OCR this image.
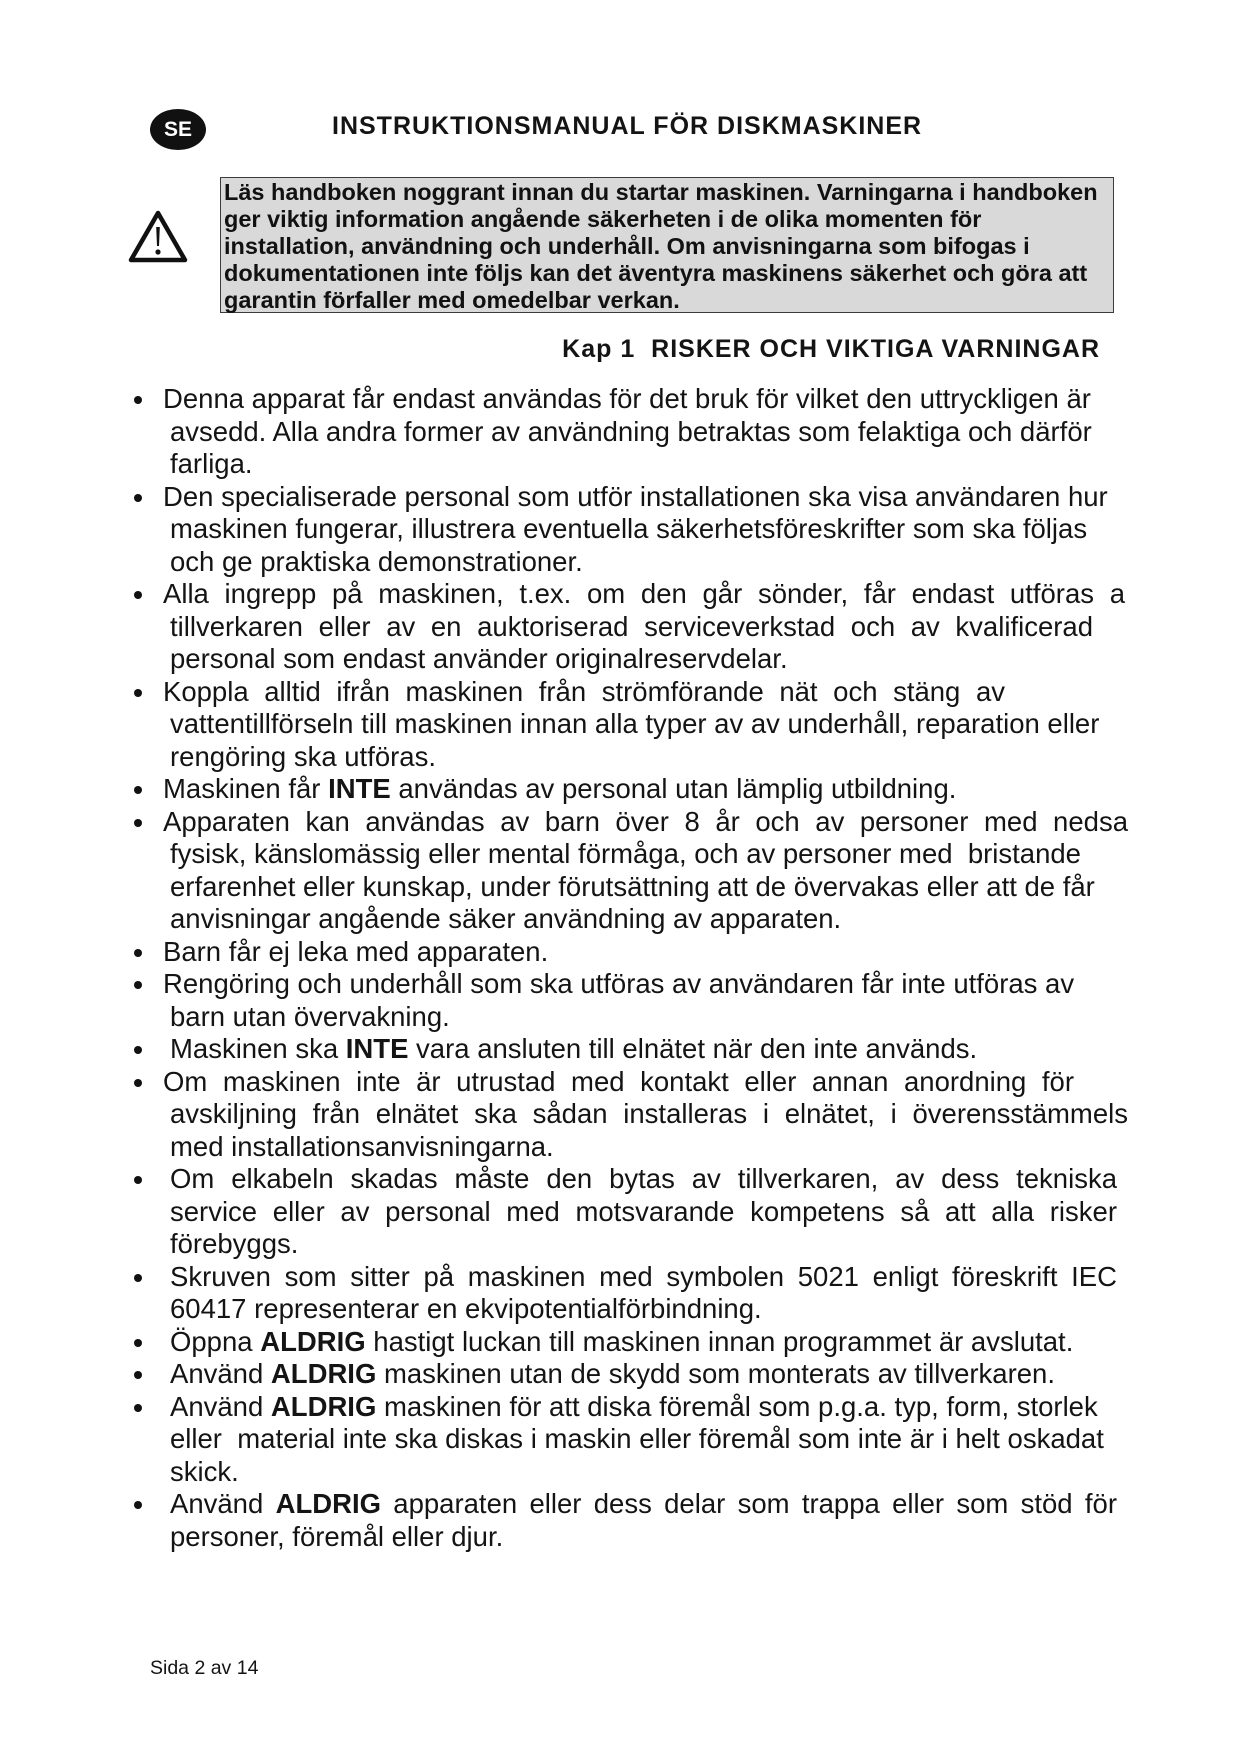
SE	INSTRUKTIONSMANUAL FÖR DISKMASKINER
Läs handboken noggrant innan du startar maskinen. Varningarna i handboken
ger viktig information angående säkerheten i de olika momenten för
installation, användning och underhåll. Om anvisningarna som bifogas i
dokumentationen inte följs kan det äventyra maskinens säkerhet och göra att
garantin förfaller med omedelbar verkan.
Kap 1  RISKER OCH VIKTIGA VARNINGAR
Denna apparat får endast användas för det bruk för vilket den uttryckligen är
avsedd. Alla andra former av användning betraktas som felaktiga och därför
farliga.
Den specialiserade personal som utför installationen ska visa användaren hur
maskinen fungerar, illustrera eventuella säkerhetsföreskrifter som ska följas
och ge praktiska demonstrationer.
Alla ingrepp på maskinen, t.ex. om den går sönder, får endast utföras a
tillverkaren eller av en auktoriserad serviceverkstad och av kvalificerad
personal som endast använder originalreservdelar.
Koppla alltid ifrån maskinen från strömförande nät och stäng av
vattentillförseln till maskinen innan alla typer av av underhåll, reparation eller
rengöring ska utföras.
Maskinen får INTE användas av personal utan lämplig utbildning.
Apparaten kan användas av barn över 8 år och av personer med nedsa
fysisk, känslomässig eller mental förmåga, och av personer med  bristande
erfarenhet eller kunskap, under förutsättning att de övervakas eller att de får
anvisningar angående säker användning av apparaten.
Barn får ej leka med apparaten.
Rengöring och underhåll som ska utföras av användaren får inte utföras av
barn utan övervakning.
Maskinen ska INTE vara ansluten till elnätet när den inte används.
Om maskinen inte är utrustad med kontakt eller annan anordning för
avskiljning från elnätet ska sådan installeras i elnätet, i överensstämmels
med installationsanvisningarna.
Om elkabeln skadas måste den bytas av tillverkaren, av dess tekniska
service eller av personal med motsvarande kompetens så att alla risker
förebyggs.
Skruven som sitter på maskinen med symbolen 5021 enligt föreskrift IEC
60417 representerar en ekvipotentialförbindning.
Öppna ALDRIG hastigt luckan till maskinen innan programmet är avslutat.
Använd ALDRIG maskinen utan de skydd som monterats av tillverkaren.
Använd ALDRIG maskinen för att diska föremål som p.g.a. typ, form, storlek
eller  material inte ska diskas i maskin eller föremål som inte är i helt oskadat
skick.
Använd ALDRIG apparaten eller dess delar som trappa eller som stöd för
personer, föremål eller djur.
Sida 2 av 14
